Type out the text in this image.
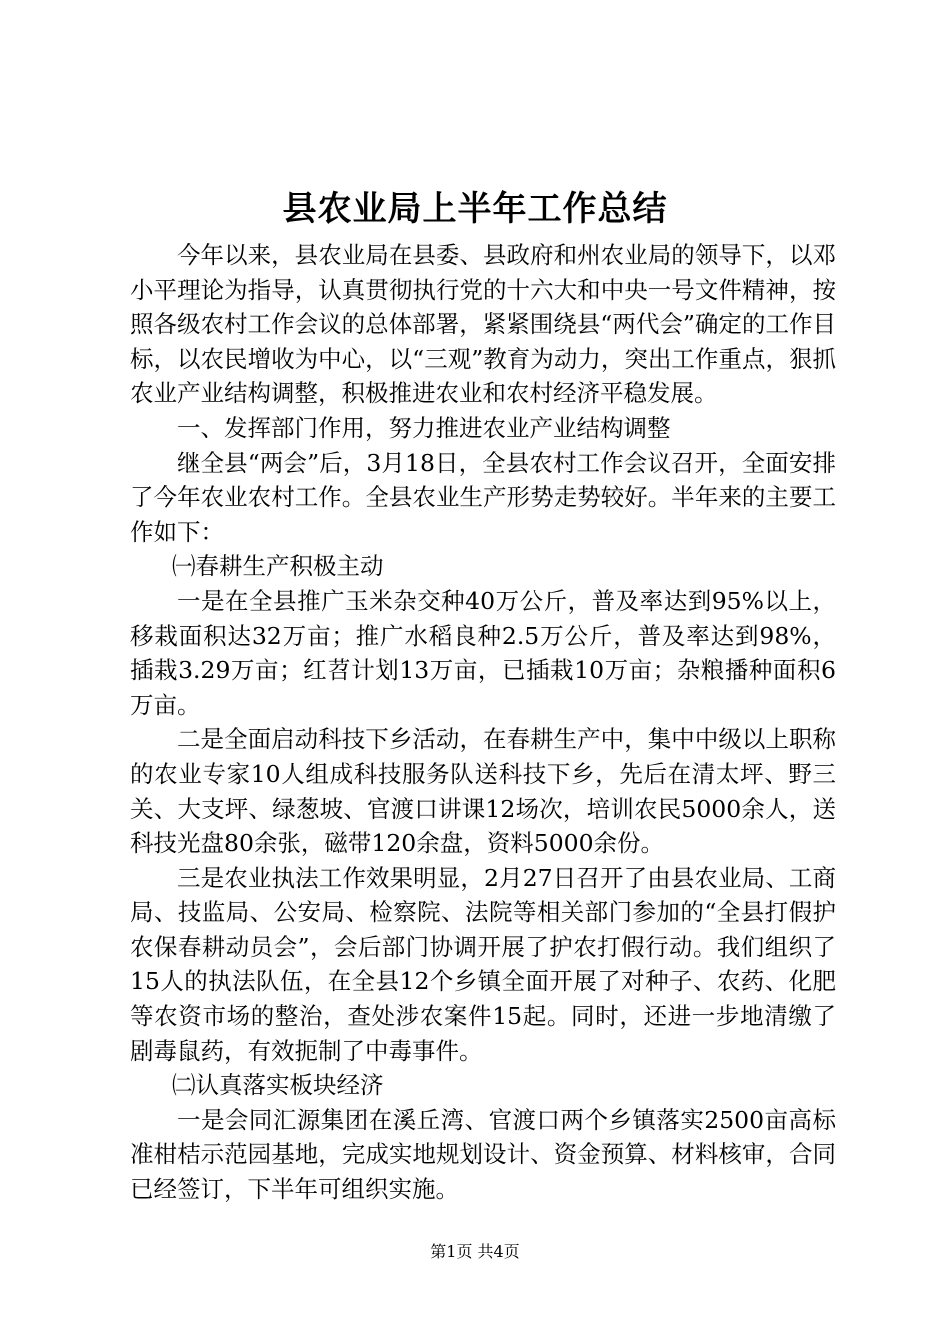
县农业局上半年工作总结

今年以来，县农业局在县委、县政府和州农业局的领导下，以邓小平理论为指导，认真贯彻执行党的十六大和中央一号文件精神，按照各级农村工作会议的总体部署，紧紧围绕县“两代会”确定的工作目标，以农民增收为中心，以“三观”教育为动力，突出工作重点，狠抓农业产业结构调整，积极推进农业和农村经济平稳发展。

一、发挥部门作用，努力推进农业产业结构调整

继全县“两会”后，3月18日，全县农村工作会议召开，全面安排了今年农业农村工作。全县农业生产形势走势较好。半年来的主要工作如下：

㈠春耕生产积极主动

一是在全县推广玉米杂交种40万公斤，普及率达到95%以上，移栽面积达32万亩；推广水稻良种2.5万公斤，普及率达到98%，插栽3.29万亩；红苕计划13万亩，已插栽10万亩；杂粮播种面积6万亩。

二是全面启动科技下乡活动，在春耕生产中，集中中级以上职称的农业专家10人组成科技服务队送科技下乡，先后在清太坪、野三关、大支坪、绿葱坡、官渡口讲课12场次，培训农民5000余人，送科技光盘80余张，磁带120余盘，资料5000余份。

三是农业执法工作效果明显，2月27日召开了由县农业局、工商局、技监局、公安局、检察院、法院等相关部门参加的“全县打假护农保春耕动员会”，会后部门协调开展了护农打假行动。我们组织了15人的执法队伍，在全县12个乡镇全面开展了对种子、农药、化肥等农资市场的整治，查处涉农案件15起。同时，还进一步地清缴了剧毒鼠药，有效扼制了中毒事件。

㈡认真落实板块经济

一是会同汇源集团在溪丘湾、官渡口两个乡镇落实2500亩高标准柑桔示范园基地，完成实地规划设计、资金预算、材料核审，合同已经签订，下半年可组织实施。

第1页 共4页
